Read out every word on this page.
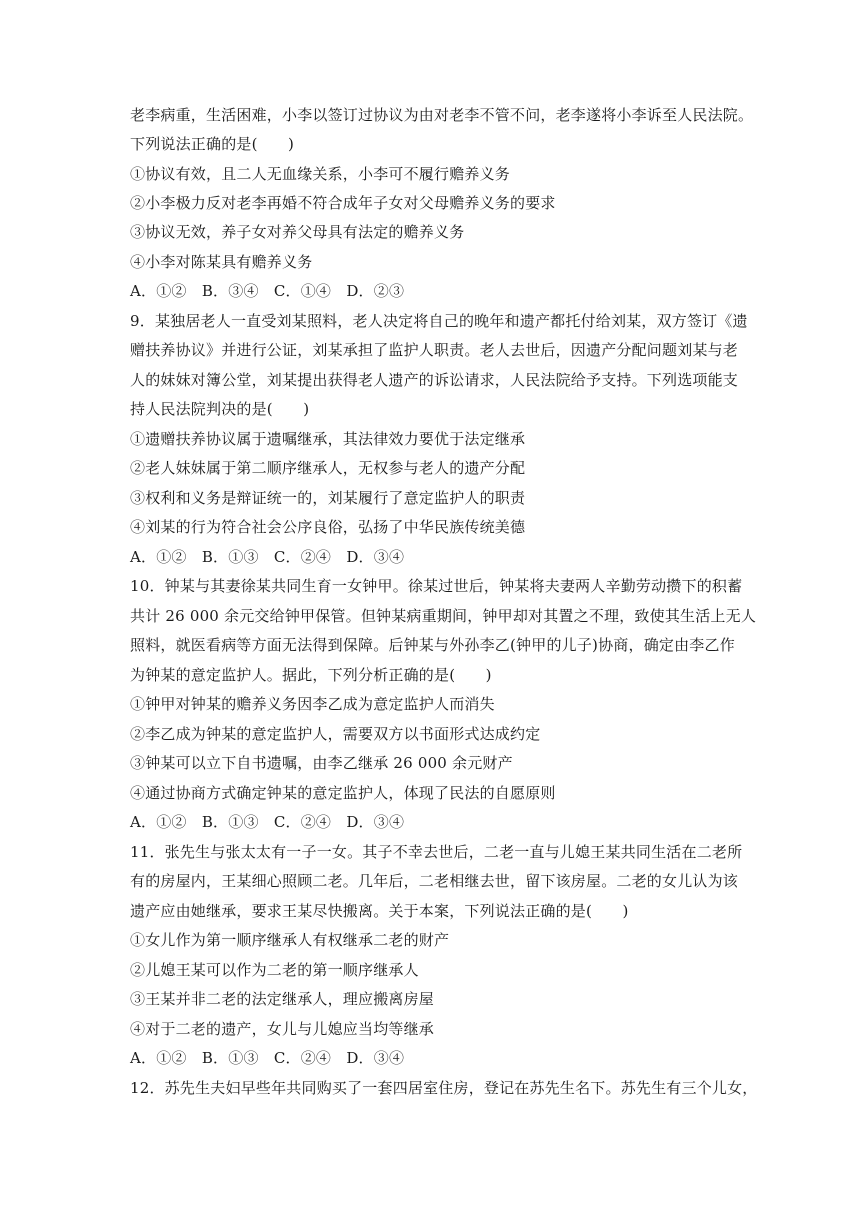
老李病重，生活困难，小李以签订过协议为由对老李不管不问，老李遂将小李诉至人民法院。
下列说法正确的是(　　)
①协议有效，且二人无血缘关系，小李可不履行赡养义务
②小李极力反对老李再婚不符合成年子女对父母赡养义务的要求
③协议无效，养子女对养父母具有法定的赡养义务
④小李对陈某具有赡养义务
A．①②　B．③④　C．①④　D．②③
9．某独居老人一直受刘某照料，老人决定将自己的晚年和遗产都托付给刘某，双方签订《遗
赠扶养协议》并进行公证，刘某承担了监护人职责。老人去世后，因遗产分配问题刘某与老
人的妹妹对簿公堂，刘某提出获得老人遗产的诉讼请求，人民法院给予支持。下列选项能支
持人民法院判决的是(　　)
①遗赠扶养协议属于遗嘱继承，其法律效力要优于法定继承
②老人妹妹属于第二顺序继承人，无权参与老人的遗产分配
③权利和义务是辩证统一的，刘某履行了意定监护人的职责
④刘某的行为符合社会公序良俗，弘扬了中华民族传统美德
A．①②　B．①③　C．②④　D．③④
10．钟某与其妻徐某共同生育一女钟甲。徐某过世后，钟某将夫妻两人辛勤劳动攒下的积蓄
共计 26 000 余元交给钟甲保管。但钟某病重期间，钟甲却对其置之不理，致使其生活上无人
照料，就医看病等方面无法得到保障。后钟某与外孙李乙(钟甲的儿子)协商，确定由李乙作
为钟某的意定监护人。据此，下列分析正确的是(　　)
①钟甲对钟某的赡养义务因李乙成为意定监护人而消失
②李乙成为钟某的意定监护人，需要双方以书面形式达成约定
③钟某可以立下自书遗嘱，由李乙继承 26 000 余元财产
④通过协商方式确定钟某的意定监护人，体现了民法的自愿原则
A．①②　B．①③　C．②④　D．③④
11．张先生与张太太有一子一女。其子不幸去世后，二老一直与儿媳王某共同生活在二老所
有的房屋内，王某细心照顾二老。几年后，二老相继去世，留下该房屋。二老的女儿认为该
遗产应由她继承，要求王某尽快搬离。关于本案，下列说法正确的是(　　)
①女儿作为第一顺序继承人有权继承二老的财产
②儿媳王某可以作为二老的第一顺序继承人
③王某并非二老的法定继承人，理应搬离房屋
④对于二老的遗产，女儿与儿媳应当均等继承
A．①②　B．①③　C．②④　D．③④
12．苏先生夫妇早些年共同购买了一套四居室住房，登记在苏先生名下。苏先生有三个儿女，
